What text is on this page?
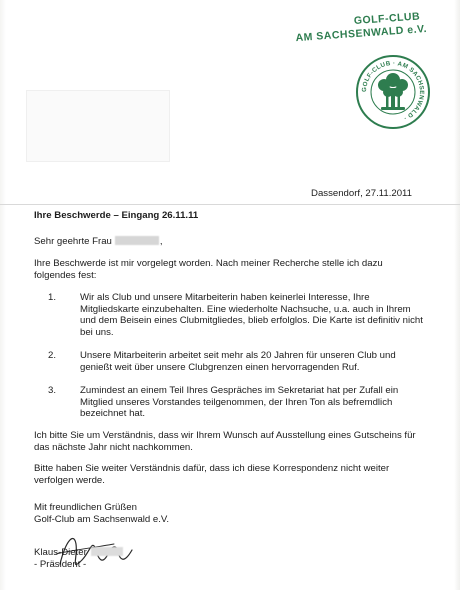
GOLF-CLUB
AM SACHSENWALD e.V.
GOLF-CLUB · AM SACHSENWALD ·
Dassendorf, 27.11.2011
Ihre Beschwerde – Eingang 26.11.11
Sehr geehrte Frau	,
Ihre Beschwerde ist mir vorgelegt worden. Nach meiner Recherche stelle ich dazu folgendes fest:
1. Wir als Club und unsere Mitarbeiterin haben keinerlei Interesse, Ihre Mitgliedskarte einzubehalten. Eine wiederholte Nachsuche, u.a. auch in Ihrem und dem Beisein eines Clubmitgliedes, blieb erfolglos. Die Karte ist definitiv nicht bei uns.
2. Unsere Mitarbeiterin arbeitet seit mehr als 20 Jahren für unseren Club und genießt weit über unsere Clubgrenzen einen hervorragenden Ruf.
3. Zumindest an einem Teil Ihres Gespräches im Sekretariat hat per Zufall ein Mitglied unseres Vorstandes teilgenommen, der Ihren Ton als befremdlich bezeichnet hat.
Ich bitte Sie um Verständnis, dass wir Ihrem Wunsch auf Ausstellung eines Gutscheins für das nächste Jahr nicht nachkommen.
Bitte haben Sie weiter Verständnis dafür, dass ich diese Korrespondenz nicht weiter verfolgen werde.
Mit freundlichen Grüßen
Golf-Club am Sachsenwald e.V.
Klaus-Dieter
- Präsident -
